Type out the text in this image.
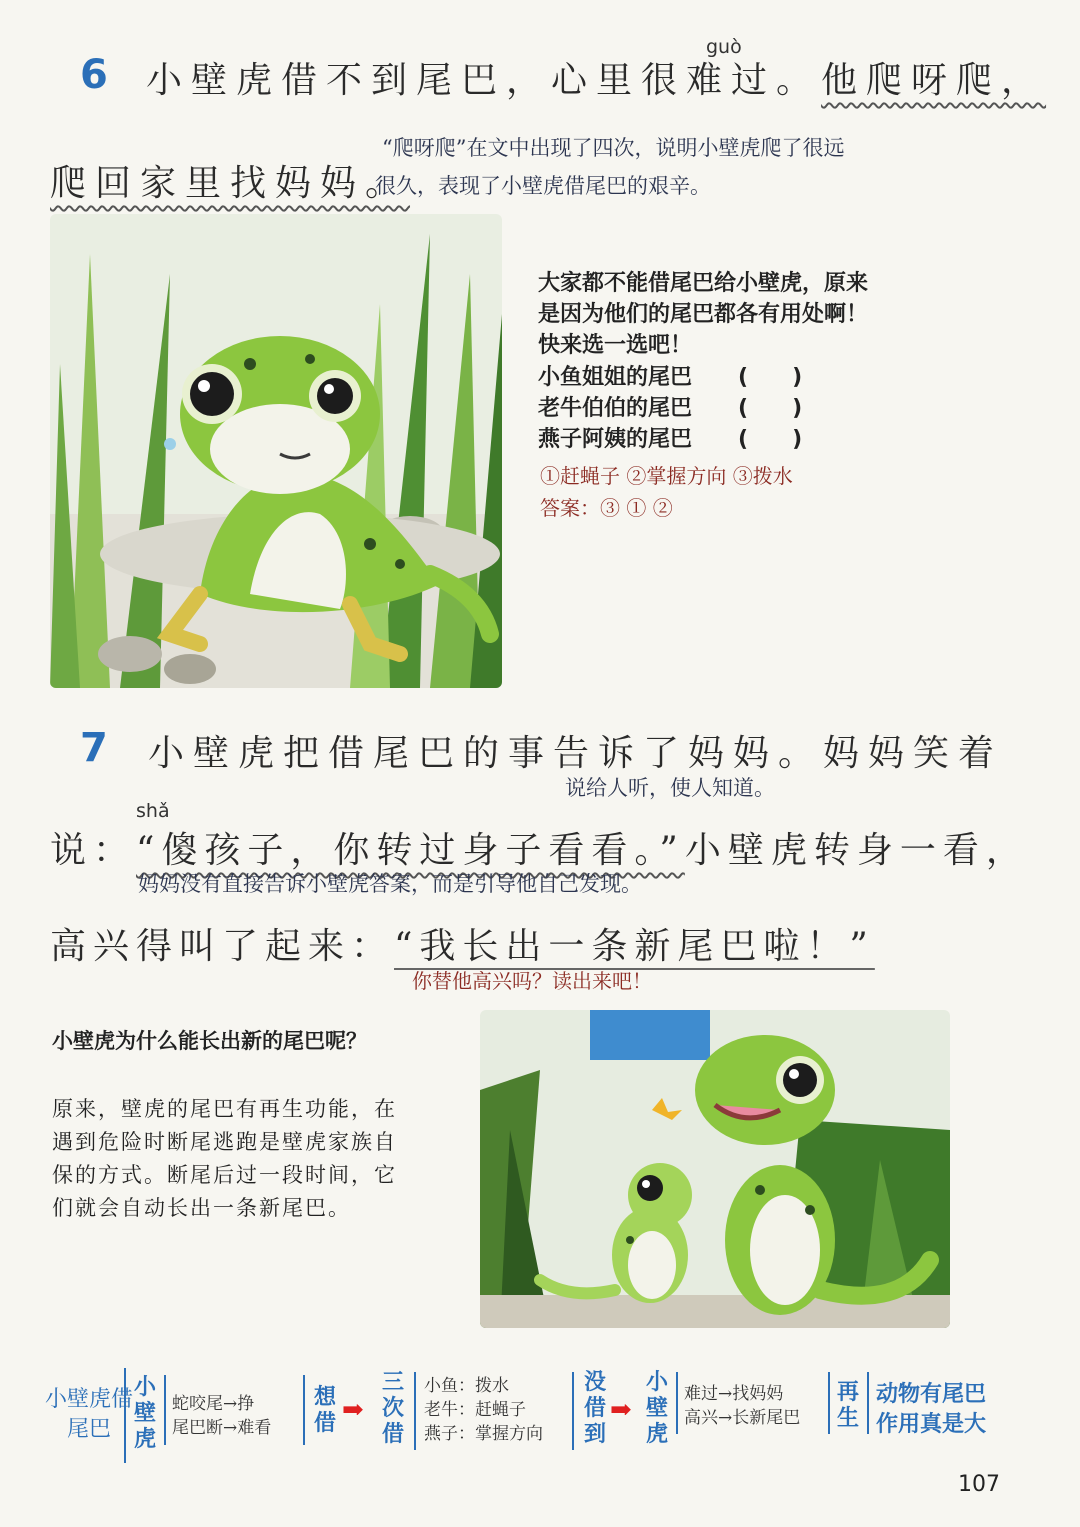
6
guò
小壁虎借不到尾巴，心里很难过。他爬呀爬，
“爬呀爬”在文中出现了四次，说明小壁虎爬了很远
爬回家里找妈妈。
很久，表现了小壁虎借尾巴的艰辛。
大家都不能借尾巴给小壁虎，原来
是因为他们的尾巴都各有用处啊！
快来选一选吧！
小鱼姐姐的尾巴 (　　)
老牛伯伯的尾巴 (　　)
燕子阿姨的尾巴 (　　)
①赶蝇子 ②掌握方向 ③拨水
答案：③ ① ②
7 小壁虎把借尾巴的事告诉了妈妈。妈妈笑着
说给人听，使人知道。
shǎ
说：“傻孩子，你转过身子看看。”小壁虎转身一看，
妈妈没有直接告诉小壁虎答案，而是引导他自己发现。
高兴得叫了起来：“我长出一条新尾巴啦！”
你替他高兴吗？读出来吧！
小壁虎为什么能长出新的尾巴呢？
原来，壁虎的尾巴有再生功能，在遇到危险时断尾逃跑是壁虎家族自保的方式。断尾后过一段时间，它们就会自动长出一条新尾巴。
小壁虎借尾巴
小壁虎
蛇咬尾→挣
尾巴断→难看
想借 ➡
三次借
小鱼：拨水
老牛：赶蝇子
燕子：掌握方向
没借到
➡
小壁虎
难过→找妈妈
高兴→长新尾巴
再生
动物有尾巴
作用真是大
107
